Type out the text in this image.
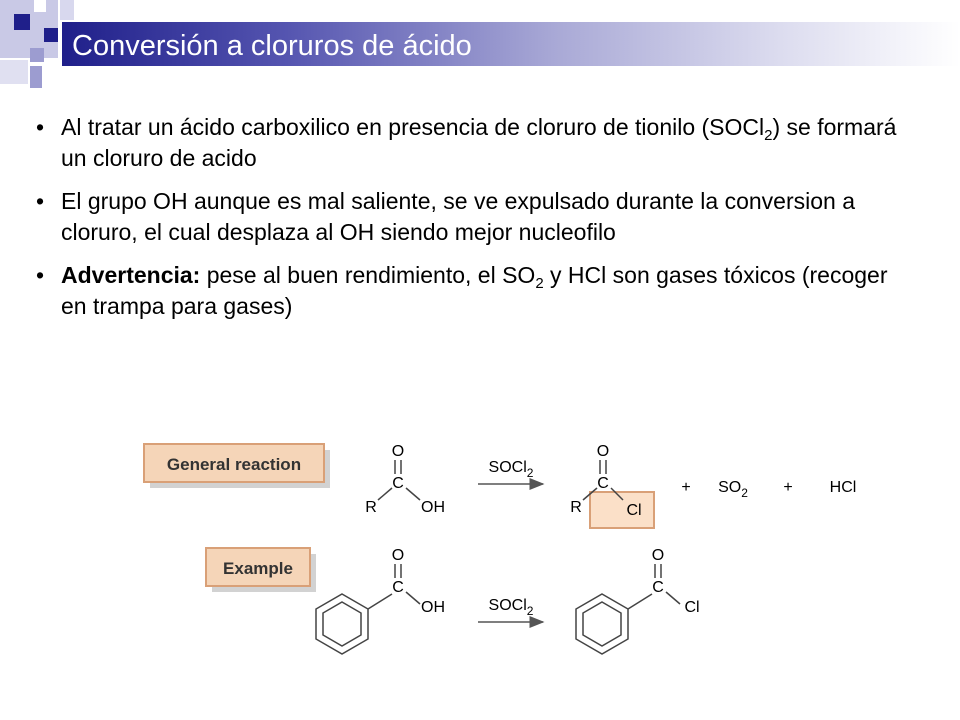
Conversión a cloruros de ácido
• Al tratar un ácido carboxilico en presencia de cloruro de tionilo (SOCl$_2$) se formará un cloruro de acido
• El grupo OH aunque es mal saliente, se ve expulsado durante la conversion a cloruro, el cual desplaza al OH siendo mejor nucleofilo
• Advertencia: pese al buen rendimiento, el $SO_2$ y HCl son gases tóxicos (recoger en trampa para gases)
General reaction
O
C
R	OH
SOCl$_2$
O
C
R	Cl
+ $SO_2$ + HCl
Example
O
C
OH	SOCl$_2$
O
C
Cl
